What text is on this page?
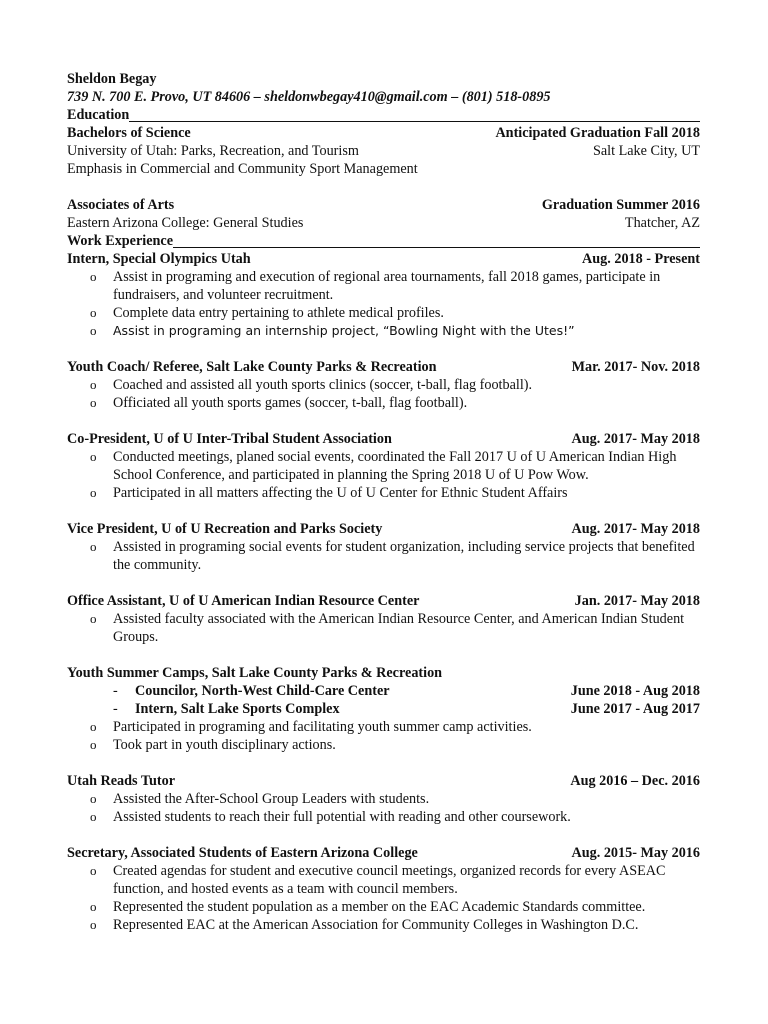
Sheldon Begay
739 N. 700 E. Provo, UT 84606 – sheldonwbegay410@gmail.com – (801) 518-0895
Education
Bachelors of Science	Anticipated Graduation Fall 2018
University of Utah: Parks, Recreation, and Tourism	Salt Lake City, UT
Emphasis in Commercial and Community Sport Management
Associates of Arts	Graduation Summer 2016
Eastern Arizona College: General Studies	Thatcher, AZ
Work Experience
Intern, Special Olympics Utah	Aug. 2018 - Present
o	Assist in programing and execution of regional area tournaments, fall 2018 games, participate in fundraisers, and volunteer recruitment.
o	Complete data entry pertaining to athlete medical profiles.
o	Assist in programing an internship project, “Bowling Night with the Utes!”
Youth Coach/ Referee, Salt Lake County Parks & Recreation	Mar. 2017- Nov. 2018
o	Coached and assisted all youth sports clinics (soccer, t-ball, flag football).
o	Officiated all youth sports games (soccer, t-ball, flag football).
Co-President, U of U Inter-Tribal Student Association	Aug. 2017- May 2018
o	Conducted meetings, planed social events, coordinated the Fall 2017 U of U American Indian High School Conference, and participated in planning the Spring 2018 U of U Pow Wow.
o	Participated in all matters affecting the U of U Center for Ethnic Student Affairs
Vice President, U of U Recreation and Parks Society	Aug. 2017- May 2018
o	Assisted in programing social events for student organization, including service projects that benefited the community.
Office Assistant, U of U American Indian Resource Center	Jan. 2017- May 2018
o	Assisted faculty associated with the American Indian Resource Center, and American Indian Student Groups.
Youth Summer Camps, Salt Lake County Parks & Recreation
-	Councilor, North-West Child-Care Center	June 2018 - Aug 2018
-	Intern, Salt Lake Sports Complex	June 2017 - Aug 2017
o	Participated in programing and facilitating youth summer camp activities.
o	Took part in youth disciplinary actions.
Utah Reads Tutor	Aug 2016 – Dec. 2016
o	Assisted the After-School Group Leaders with students.
o	Assisted students to reach their full potential with reading and other coursework.
Secretary, Associated Students of Eastern Arizona College	Aug. 2015- May 2016
o	Created agendas for student and executive council meetings, organized records for every ASEAC function, and hosted events as a team with council members.
o	Represented the student population as a member on the EAC Academic Standards committee.
o	Represented EAC at the American Association for Community Colleges in Washington D.C.
